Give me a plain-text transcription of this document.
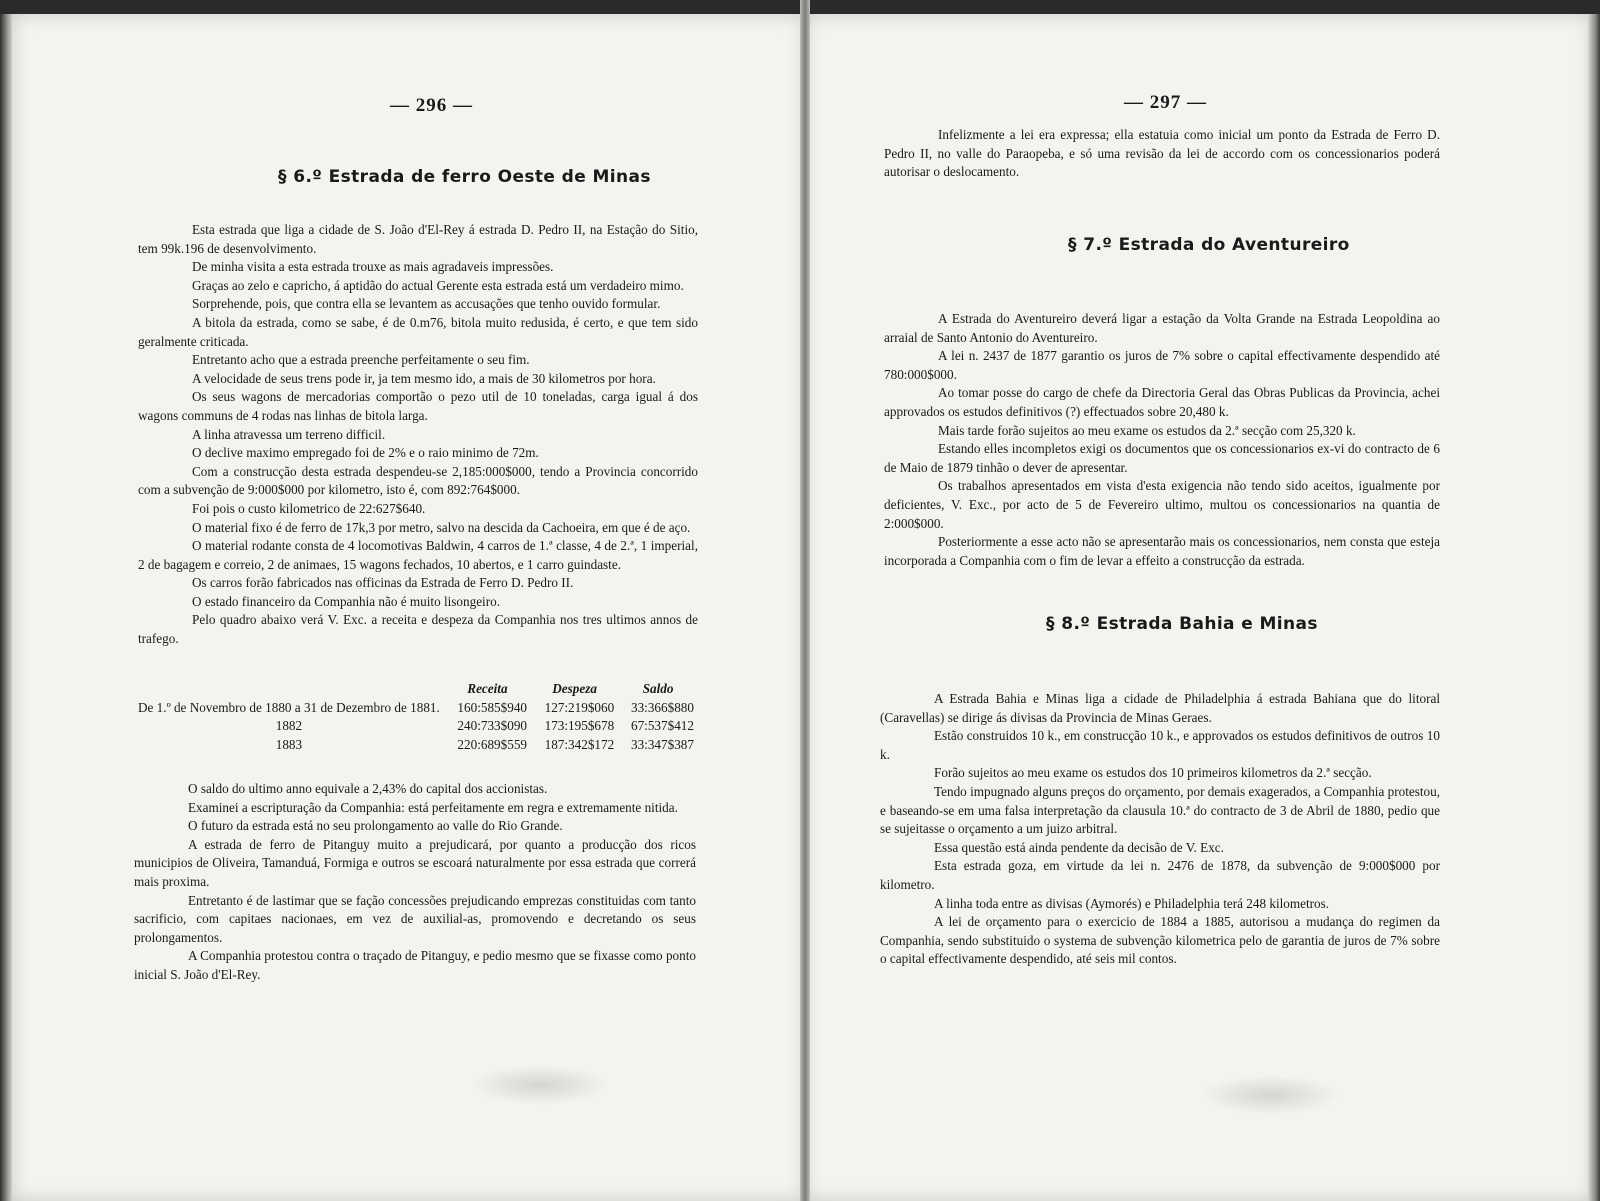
— 296 —
§ 6.º Estrada de ferro Oeste de Minas

Esta estrada que liga a cidade de S. João d'El-Rey á estrada D. Pedro II, na Estação do Sitio, tem 99k.196 de desenvolvimento.

De minha visita a esta estrada trouxe as mais agradaveis impressões.

Graças ao zelo e capricho, á aptidão do actual Gerente esta estrada está um verdadeiro mimo.

Sorprehende, pois, que contra ella se levantem as accusações que tenho ouvido formular.

A bitola da estrada, como se sabe, é de 0.m76, bitola muito redusida, é certo, e que tem sido geralmente criticada.

Entretanto acho que a estrada preenche perfeitamente o seu fim.

A velocidade de seus trens pode ir, ja tem mesmo ido, a mais de 30 kilometros por hora.

Os seus wagons de mercadorias comportão o pezo util de 10 toneladas, carga igual á dos wagons communs de 4 rodas nas linhas de bitola larga.

A linha atravessa um terreno difficil.

O declive maximo empregado foi de 2% e o raio minimo de 72m.

Com a construcção desta estrada despendeu-se 2,185:000$000, tendo a Provincia concorrido com a subvenção de 9:000$000 por kilometro, isto é, com 892:764$000.

Foi pois o custo kilometrico de 22:627$640.

O material fixo é de ferro de 17k,3 por metro, salvo na descida da Cachoeira, em que é de aço.

O material rodante consta de 4 locomotivas Baldwin, 4 carros de 1.ª classe, 4 de 2.ª, 1 imperial, 2 de bagagem e correio, 2 de animaes, 15 wagons fechados, 10 abertos, e 1 carro guindaste.

Os carros forão fabricados nas officinas da Estrada de Ferro D. Pedro II.

O estado financeiro da Companhia não é muito lisongeiro.

Pelo quadro abaixo verá V. Exc. a receita e despeza da Companhia nos tres ultimos annos de trafego.

	Receita	Despeza	Saldo
De 1.º de Novembro de 1880 a 31 de Dezembro de 1881.	160:585$940	127:219$060	33:366$880
1882	240:733$090	173:195$678	67:537$412
1883	220:689$559	187:342$172	33:347$387

O saldo do ultimo anno equivale a 2,43% do capital dos accionistas.

Examinei a escripturação da Companhia: está perfeitamente em regra e extremamente nitida.

O futuro da estrada está no seu prolongamento ao valle do Rio Grande.

A estrada de ferro de Pitanguy muito a prejudicará, por quanto a producção dos ricos municipios de Oliveira, Tamanduá, Formiga e outros se escoará naturalmente por essa estrada que correrá mais proxima.

Entretanto é de lastimar que se fação concessões prejudicando emprezas constituidas com tanto sacrificio, com capitaes nacionaes, em vez de auxilial-as, promovendo e decretando os seus prolongamentos.

A Companhia protestou contra o traçado de Pitanguy, e pedio mesmo que se fixasse como ponto inicial S. João d'El-Rey.

— 297 —

Infelizmente a lei era expressa; ella estatuia como inicial um ponto da Estrada de Ferro D. Pedro II, no valle do Paraopeba, e só uma revisão da lei de accordo com os concessionarios poderá autorisar o deslocamento.

§ 7.º Estrada do Aventureiro

A Estrada do Aventureiro deverá ligar a estação da Volta Grande na Estrada Leopoldina ao arraial de Santo Antonio do Aventureiro.

A lei n. 2437 de 1877 garantio os juros de 7% sobre o capital effectivamente despendido até 780:000$000.

Ao tomar posse do cargo de chefe da Directoria Geral das Obras Publicas da Provincia, achei approvados os estudos definitivos (?) effectuados sobre 20,480 k.

Mais tarde forão sujeitos ao meu exame os estudos da 2.ª secção com 25,320 k.

Estando elles incompletos exigi os documentos que os concessionarios ex-vi do contracto de 6 de Maio de 1879 tinhão o dever de apresentar.

Os trabalhos apresentados em vista d'esta exigencia não tendo sido aceitos, igualmente por deficientes, V. Exc., por acto de 5 de Fevereiro ultimo, multou os concessionarios na quantia de 2:000$000.

Posteriormente a esse acto não se apresentarão mais os concessionarios, nem consta que esteja incorporada a Companhia com o fim de levar a effeito a construcção da estrada.

§ 8.º Estrada Bahia e Minas

A Estrada Bahia e Minas liga a cidade de Philadelphia á estrada Bahiana que do litoral (Caravellas) se dirige ás divisas da Provincia de Minas Geraes.

Estão construidos 10 k., em construcção 10 k., e approvados os estudos definitivos de outros 10 k.

Forão sujeitos ao meu exame os estudos dos 10 primeiros kilometros da 2.ª secção.

Tendo impugnado alguns preços do orçamento, por demais exagerados, a Companhia protestou, e baseando-se em uma falsa interpretação da clausula 10.ª do contracto de 3 de Abril de 1880, pedio que se sujeitasse o orçamento a um juizo arbitral.

Essa questão está ainda pendente da decisão de V. Exc.

Esta estrada goza, em virtude da lei n. 2476 de 1878, da subvenção de 9:000$000 por kilometro.

A linha toda entre as divisas (Aymorés) e Philadelphia terá 248 kilometros.

A lei de orçamento para o exercicio de 1884 a 1885, autorisou a mudança do regimen da Companhia, sendo substituido o systema de subvenção kilometrica pelo de garantia de juros de 7% sobre o capital effectivamente despendido, até seis mil contos.
